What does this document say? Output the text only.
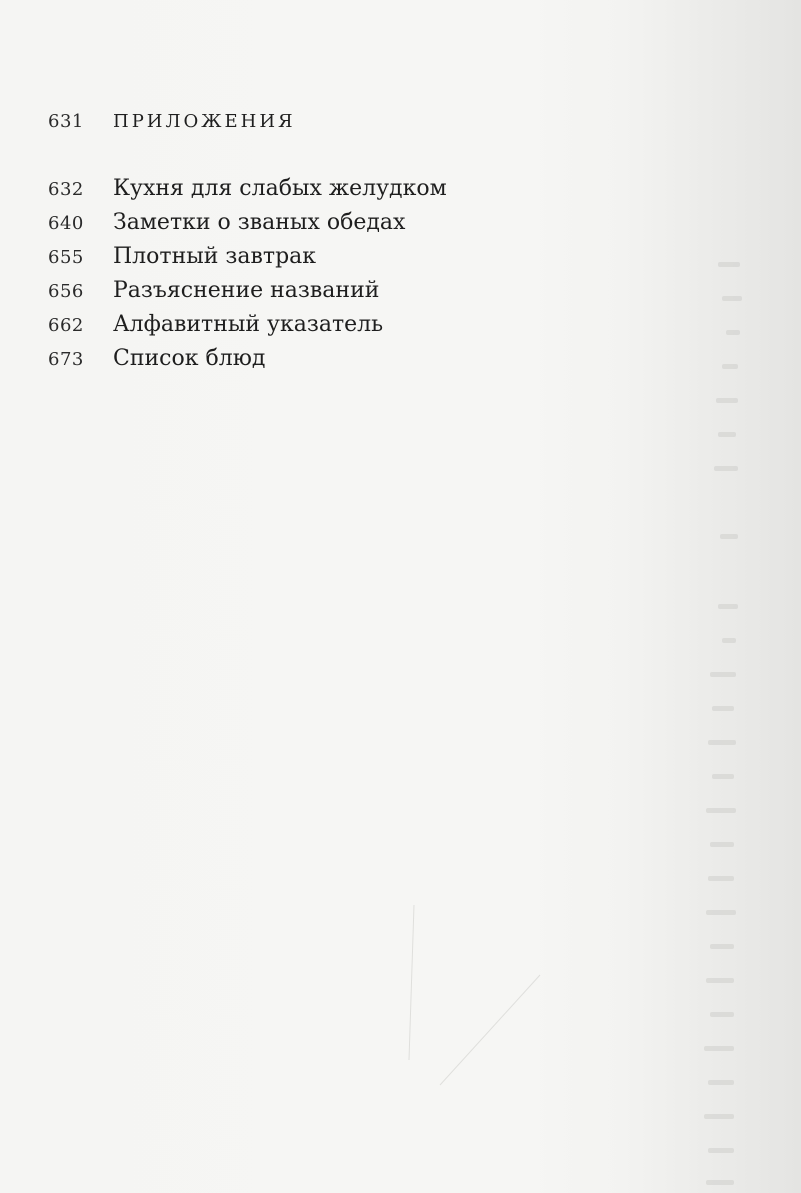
631	ПРИЛОЖЕНИЯ
632	Кухня для слабых желудком
640	Заметки о званых обедах
655	Плотный завтрак
656	Разъяснение названий
662	Алфавитный указатель
673	Список блюд
